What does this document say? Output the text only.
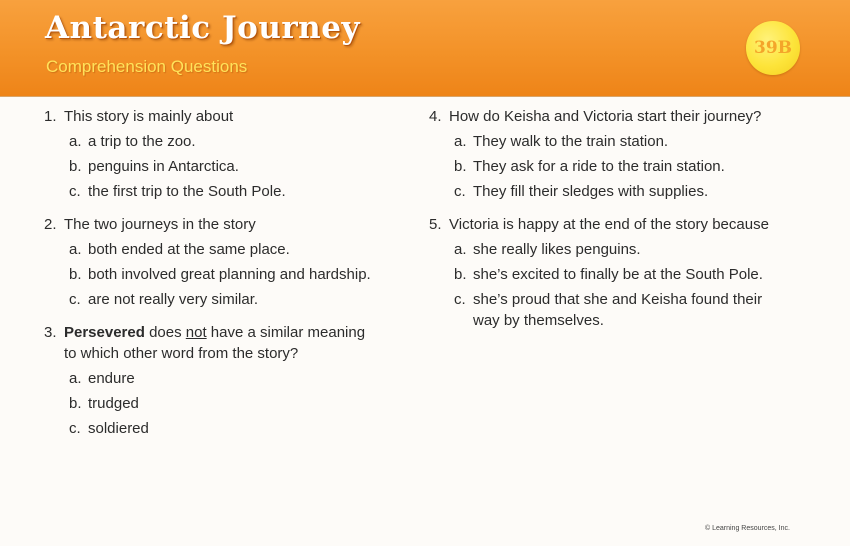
Antarctic Journey
Comprehension Questions
39B
1. This story is mainly about
a. a trip to the zoo.
b. penguins in Antarctica.
c. the first trip to the South Pole.
2. The two journeys in the story
a. both ended at the same place.
b. both involved great planning and hardship.
c. are not really very similar.
3. Persevered does not have a similar meaning to which other word from the story?
a. endure
b. trudged
c. soldiered
4. How do Keisha and Victoria start their journey?
a. They walk to the train station.
b. They ask for a ride to the train station.
c. They fill their sledges with supplies.
5. Victoria is happy at the end of the story because
a. she really likes penguins.
b. she’s excited to finally be at the South Pole.
c. she’s proud that she and Keisha found their way by themselves.
© Learning Resources, Inc.
